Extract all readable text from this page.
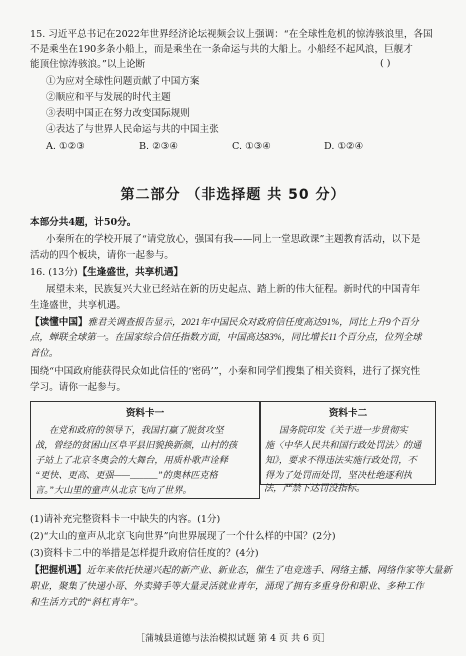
15. 习近平总书记在2022年世界经济论坛视频会议上强调：“在全球性危机的惊涛骇浪里，各国
不是乘坐在190多条小船上，而是乘坐在一条命运与共的大船上。小船经不起风浪，巨舰才
能顶住惊涛骇浪。”以上论断	( )
①为应对全球性问题贡献了中国方案
②顺应和平与发展的时代主题
③表明中国正在努力改变国际规则
④表达了与世界人民命运与共的中国主张
A. ①②③	B. ②③④	C. ①③④	D. ①②④
第二部分 （非选择题 共 50 分）
本部分共4题，计50分。
小秦所在的学校开展了“请党放心，强国有我——同上一堂思政课”主题教育活动，以下是
活动的四个板块，请你一起参与。
16. (13分)【生逢盛世，共享机遇】
展望未来，民族复兴大业已经站在新的历史起点、踏上新的伟大征程。新时代的中国青年
生逢盛世，共享机遇。
【读懂中国】雅君关调查报告显示，2021年中国民众对政府信任度高达91%，同比上升9个百分
点，蝉联全球第一。在国家综合信任指数方面，中国高达83%，同比增长11个百分点，位列全球
首位。
围绕“中国政府能获得民众如此信任的‘密码’”，小秦和同学们搜集了相关资料，进行了探究性
学习。请你一起参与。
资料卡一
在党和政府的领导下，我国打赢了脱贫攻坚
战，曾经的贫困山区阜平县旧貌换新颜，山村的孩
子站上了北京冬奥会的大舞台，用质朴歌声诠释
“更快、更高、更强——______”的奥林匹克格
言。”大山里的童声从北京飞向了世界。
资料卡二
国务院印发《关于进一步贯彻实
施〈中华人民共和国行政处罚法〉的通
知》，要求不得违法实施行政处罚，不
得为了处罚而处罚，坚决杜绝逐利执
法，严禁下达罚没指标。
(1)请补充完整资料卡一中缺失的内容。(1分)
(2)“大山的童声从北京飞向世界”向世界展现了一个什么样的中国？(2分)
(3)资料卡二中的举措是怎样提升政府信任度的？(4分)
【把握机遇】近年来依托快递兴起的新产业、新业态，催生了电竞选手、网络主播、网络作家等大量新
职业，聚集了快递小哥、外卖骑手等大量灵活就业青年，涌现了拥有多重身份和职业、多种工作
和生活方式的“斜杠青年”。
［蒲城县道德与法治模拟试题 第 4 页 共 6 页］
